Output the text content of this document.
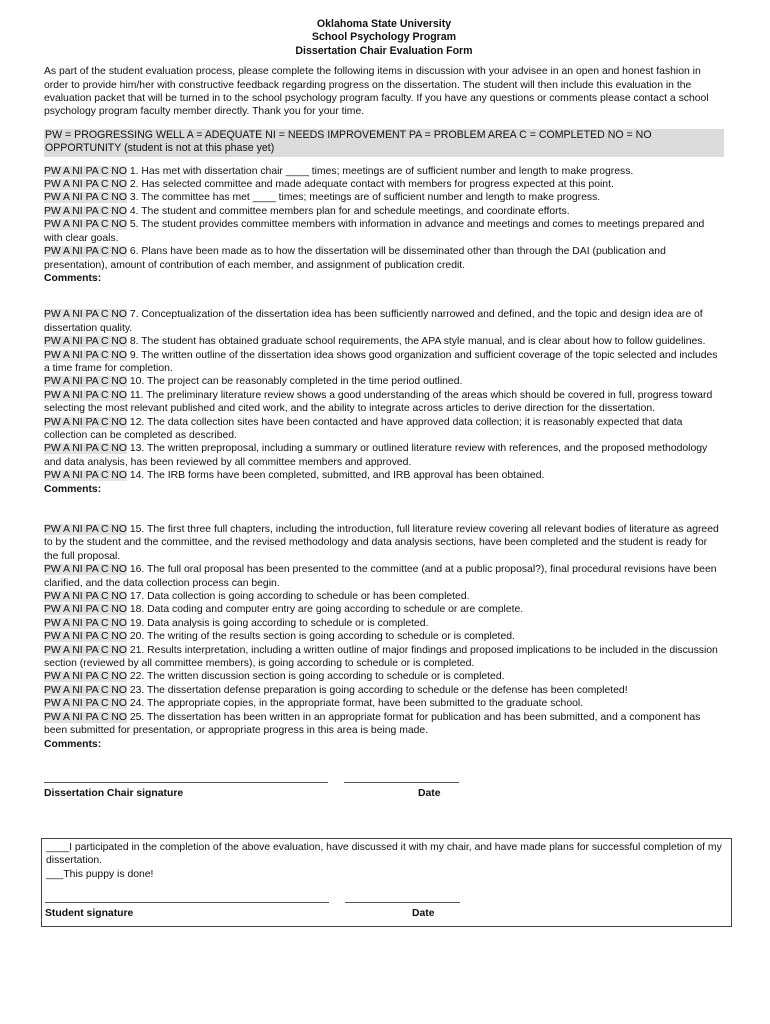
Oklahoma State University
School Psychology Program
Dissertation Chair Evaluation Form
As part of the student evaluation process, please complete the following items in discussion with your advisee in an open and honest fashion in order to provide him/her with constructive feedback regarding progress on the dissertation. The student will then include this evaluation in the evaluation packet that will be turned in to the school psychology program faculty. If you have any questions or comments please contact a school psychology program faculty member directly. Thank you for your time.
PW = PROGRESSING WELL A = ADEQUATE NI = NEEDS IMPROVEMENT PA = PROBLEM AREA C = COMPLETED NO = NO OPPORTUNITY (student is not at this phase yet)
PW A NI PA C NO 1. Has met with dissertation chair ____ times; meetings are of sufficient number and length to make progress.
PW A NI PA C NO 2. Has selected committee and made adequate contact with members for progress expected at this point.
PW A NI PA C NO 3. The committee has met ____ times; meetings are of sufficient number and length to make progress.
PW A NI PA C NO 4. The student and committee members plan for and schedule meetings, and coordinate efforts.
PW A NI PA C NO 5. The student provides committee members with information in advance and meetings and comes to meetings prepared and with clear goals.
PW A NI PA C NO 6. Plans have been made as to how the dissertation will be disseminated other than through the DAI (publication and presentation), amount of contribution of each member, and assignment of publication credit.
Comments:
PW A NI PA C NO 7. Conceptualization of the dissertation idea has been sufficiently narrowed and defined, and the topic and design idea are of dissertation quality.
PW A NI PA C NO 8. The student has obtained graduate school requirements, the APA style manual, and is clear about how to follow guidelines.
PW A NI PA C NO 9. The written outline of the dissertation idea shows good organization and sufficient coverage of the topic selected and includes a time frame for completion.
PW A NI PA C NO 10. The project can be reasonably completed in the time period outlined.
PW A NI PA C NO 11. The preliminary literature review shows a good understanding of the areas which should be covered in full, progress toward selecting the most relevant published and cited work, and the ability to integrate across articles to derive direction for the dissertation.
PW A NI PA C NO 12. The data collection sites have been contacted and have approved data collection; it is reasonably expected that data collection can be completed as described.
PW A NI PA C NO 13. The written preproposal, including a summary or outlined literature review with references, and the proposed methodology and data analysis, has been reviewed by all committee members and approved.
PW A NI PA C NO 14. The IRB forms have been completed, submitted, and IRB approval has been obtained.
Comments:
PW A NI PA C NO 15. The first three full chapters, including the introduction, full literature review covering all relevant bodies of literature as agreed to by the student and the committee, and the revised methodology and data analysis sections, have been completed and the student is ready for the full proposal.
PW A NI PA C NO 16. The full oral proposal has been presented to the committee (and at a public proposal?), final procedural revisions have been clarified, and the data collection process can begin.
PW A NI PA C NO 17. Data collection is going according to schedule or has been completed.
PW A NI PA C NO 18. Data coding and computer entry are going according to schedule or are complete.
PW A NI PA C NO 19. Data analysis is going according to schedule or is completed.
PW A NI PA C NO 20. The writing of the results section is going according to schedule or is completed.
PW A NI PA C NO 21. Results interpretation, including a written outline of major findings and proposed implications to be included in the discussion section (reviewed by all committee members), is going according to schedule or is completed.
PW A NI PA C NO 22. The written discussion section is going according to schedule or is completed.
PW A NI PA C NO 23. The dissertation defense preparation is going according to schedule or the defense has been completed!
PW A NI PA C NO 24. The appropriate copies, in the appropriate format, have been submitted to the graduate school.
PW A NI PA C NO 25. The dissertation has been written in an appropriate format for publication and has been submitted, and a component has been submitted for presentation, or appropriate progress in this area is being made.
Comments:
Dissertation Chair signature	Date
____I participated in the completion of the above evaluation, have discussed it with my chair, and have made plans for successful completion of my dissertation.
___This puppy is done!
Student signature	Date
